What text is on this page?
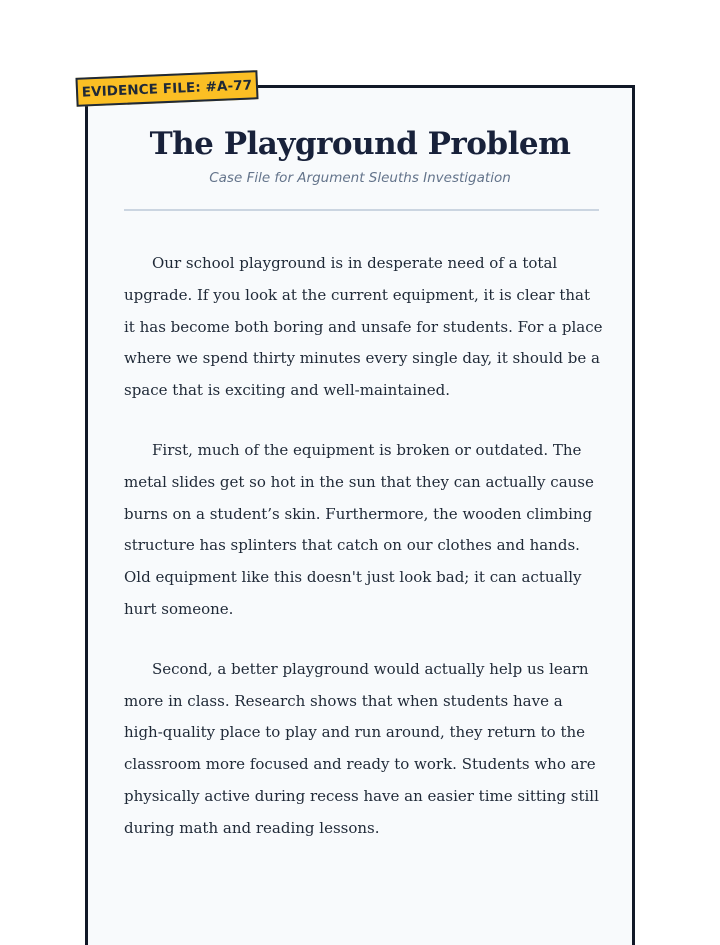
EVIDENCE FILE: #A-77
The Playground Problem
Case File for Argument Sleuths Investigation

Our school playground is in desperate need of a total upgrade. If you look at the current equipment, it is clear that it has become both boring and unsafe for students. For a place where we spend thirty minutes every single day, it should be a space that is exciting and well-maintained.

First, much of the equipment is broken or outdated. The metal slides get so hot in the sun that they can actually cause burns on a student’s skin. Furthermore, the wooden climbing structure has splinters that catch on our clothes and hands. Old equipment like this doesn't just look bad; it can actually hurt someone.

Second, a better playground would actually help us learn more in class. Research shows that when students have a high-quality place to play and run around, they return to the classroom more focused and ready to work. Students who are physically active during recess have an easier time sitting still during math and reading lessons.
